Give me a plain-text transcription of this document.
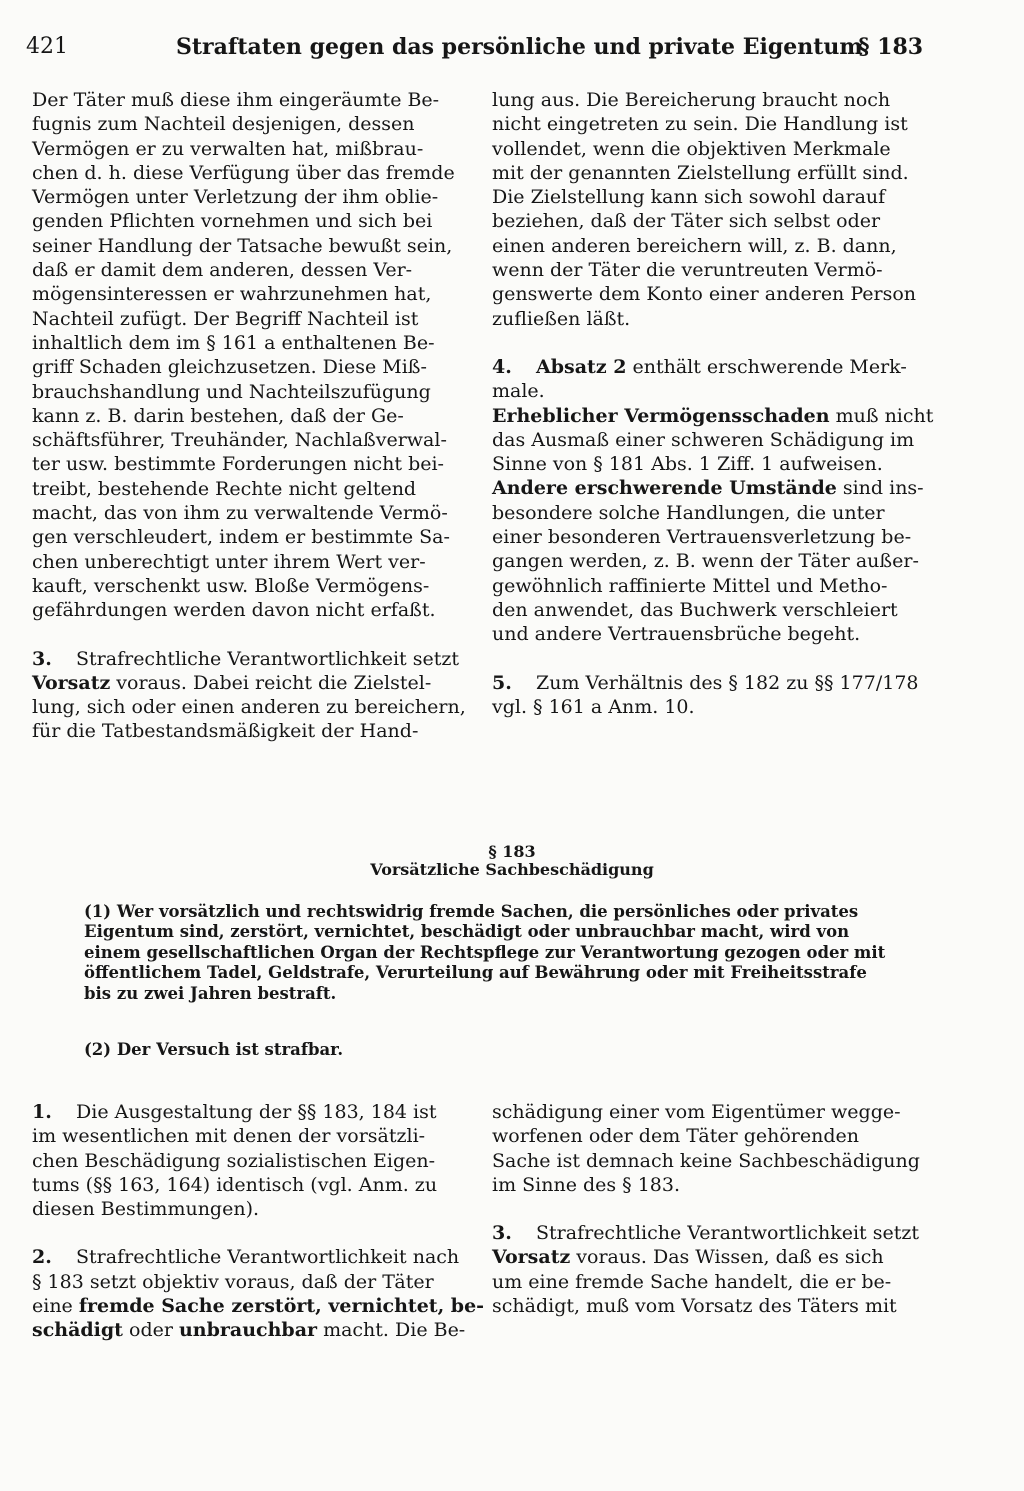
421	Straftaten gegen das persönliche und private Eigentum
§ 183

Der Täter muß diese ihm eingeräumte Be-
fugnis zum Nachteil desjenigen, dessen
Vermögen er zu verwalten hat, mißbrau-
chen d. h. diese Verfügung über das fremde
Vermögen unter Verletzung der ihm oblie-
genden Pflichten vornehmen und sich bei
seiner Handlung der Tatsache bewußt sein,
daß er damit dem anderen, dessen Ver-
mögensinteressen er wahrzunehmen hat,
Nachteil zufügt. Der Begriff Nachteil ist
inhaltlich dem im § 161 a enthaltenen Be-
griff Schaden gleichzusetzen. Diese Miß-
brauchshandlung und Nachteilszufügung
kann z. B. darin bestehen, daß der Ge-
schäftsführer, Treuhänder, Nachlaßverwal-
ter usw. bestimmte Forderungen nicht bei-
treibt, bestehende Rechte nicht geltend
macht, das von ihm zu verwaltende Vermö-
gen verschleudert, indem er bestimmte Sa-
chen unberechtigt unter ihrem Wert ver-
kauft, verschenkt usw. Bloße Vermögens-
gefährdungen werden davon nicht erfaßt.

3. Strafrechtliche Verantwortlichkeit setzt
Vorsatz voraus. Dabei reicht die Zielstel-
lung, sich oder einen anderen zu bereichern,
für die Tatbestandsmäßigkeit der Hand-

lung aus. Die Bereicherung braucht noch
nicht eingetreten zu sein. Die Handlung ist
vollendet, wenn die objektiven Merkmale
mit der genannten Zielstellung erfüllt sind.
Die Zielstellung kann sich sowohl darauf
beziehen, daß der Täter sich selbst oder
einen anderen bereichern will, z. B. dann,
wenn der Täter die veruntreuten Vermö-
genswerte dem Konto einer anderen Person
zufließen läßt.

4. Absatz 2 enthält erschwerende Merk-
male.
Erheblicher Vermögensschaden muß nicht
das Ausmaß einer schweren Schädigung im
Sinne von § 181 Abs. 1 Ziff. 1 aufweisen.
Andere erschwerende Umstände sind ins-
besondere solche Handlungen, die unter
einer besonderen Vertrauensverletzung be-
gangen werden, z. B. wenn der Täter außer-
gewöhnlich raffinierte Mittel und Metho-
den anwendet, das Buchwerk verschleiert
und andere Vertrauensbrüche begeht.

5. Zum Verhältnis des § 182 zu §§ 177/178
vgl. § 161 a Anm. 10.

§ 183
Vorsätzliche Sachbeschädigung
(1) Wer vorsätzlich und rechtswidrig fremde Sachen, die persönliches oder privates
Eigentum sind, zerstört, vernichtet, beschädigt oder unbrauchbar macht, wird von
einem gesellschaftlichen Organ der Rechtspflege zur Verantwortung gezogen oder mit
öffentlichem Tadel, Geldstrafe, Verurteilung auf Bewährung oder mit Freiheitsstrafe
bis zu zwei Jahren bestraft.
(2) Der Versuch ist strafbar.

1. Die Ausgestaltung der §§ 183, 184 ist
im wesentlichen mit denen der vorsätzli-
chen Beschädigung sozialistischen Eigen-
tums (§§ 163, 164) identisch (vgl. Anm. zu
diesen Bestimmungen).

2. Strafrechtliche Verantwortlichkeit nach
§ 183 setzt objektiv voraus, daß der Täter
eine fremde Sache zerstört, vernichtet, be-
schädigt oder unbrauchbar macht. Die Be-

schädigung einer vom Eigentümer wegge-
worfenen oder dem Täter gehörenden
Sache ist demnach keine Sachbeschädigung
im Sinne des § 183.

3. Strafrechtliche Verantwortlichkeit setzt
Vorsatz voraus. Das Wissen, daß es sich
um eine fremde Sache handelt, die er be-
schädigt, muß vom Vorsatz des Täters mit
